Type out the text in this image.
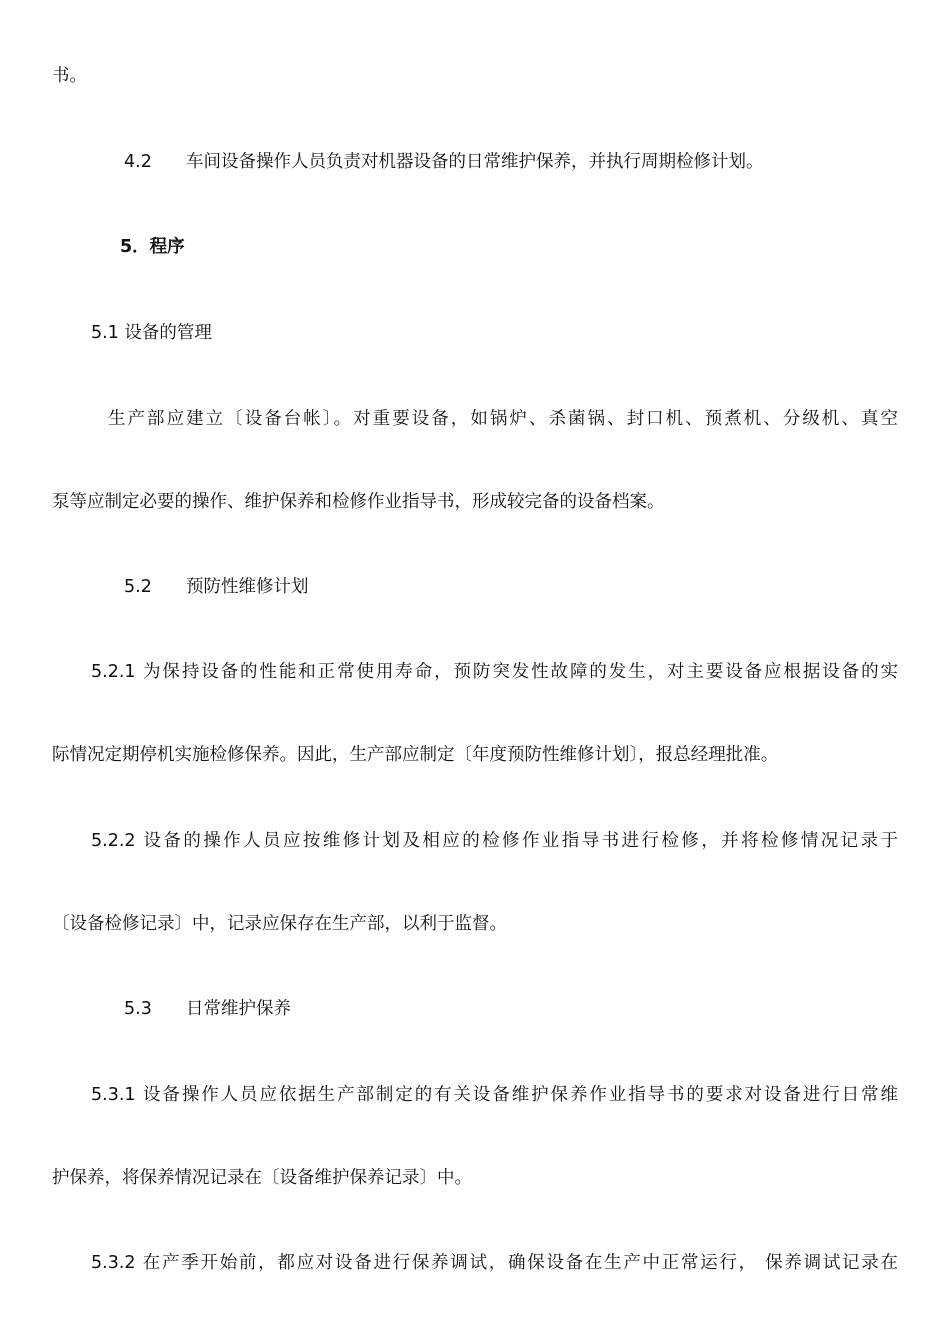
书。
4.2 车间设备操作人员负责对机器设备的日常维护保养，并执行周期检修计划。
5．程序
5.1 设备的管理
生产部应建立〔设备台帐〕。对重要设备，如锅炉、杀菌锅、封口机、预煮机、分级机、真空
泵等应制定必要的操作、维护保养和检修作业指导书，形成较完备的设备档案。
5.2 预防性维修计划
5.2.1 为保持设备的性能和正常使用寿命，预防突发性故障的发生，对主要设备应根据设备的实
际情况定期停机实施检修保养。因此，生产部应制定〔年度预防性维修计划〕，报总经理批准。
5.2.2 设备的操作人员应按维修计划及相应的检修作业指导书进行检修，并将检修情况记录于
〔设备检修记录〕中，记录应保存在生产部，以利于监督。
5.3 日常维护保养
5.3.1 设备操作人员应依据生产部制定的有关设备维护保养作业指导书的要求对设备进行日常维
护保养，将保养情况记录在〔设备维护保养记录〕中。
5.3.2 在产季开始前，都应对设备进行保养调试，确保设备在生产中正常运行， 保养调试记录在
